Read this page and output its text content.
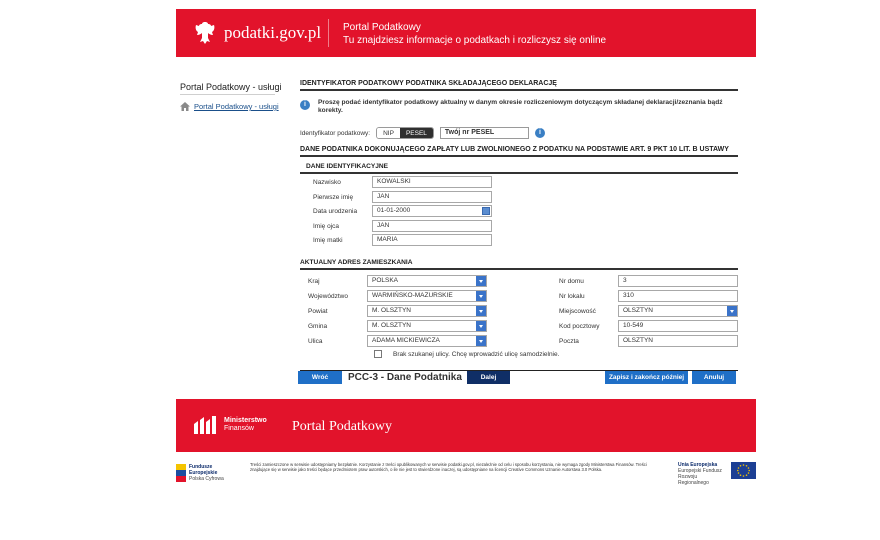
podatki.gov.pl Portal Podatkowy
Tu znajdziesz informacje o podatkach i rozliczysz się online
Portal Podatkowy - usługi
Portal Podatkowy - usługi
IDENTYFIKATOR PODATKOWY PODATNIKA SKŁADAJĄCEGO DEKLARACJĘ
i	Proszę podać identyfikator podatkowy aktualny w danym okresie rozliczeniowym dotyczącym składanej deklaracji/zeznania bądź korekty.
Identyfikator podatkowy:	NIP	PESEL	Twój nr PESEL	i
DANE PODATNIKA DOKONUJĄCEGO ZAPŁATY LUB ZWOLNIONEGO Z PODATKU NA PODSTAWIE ART. 9 PKT 10 LIT. B USTAWY
DANE IDENTYFIKACYJNE
Nazwisko	KOWALSKI
Pierwsze imię	JAN
Data urodzenia	01-01-2000
Imię ojca	JAN
Imię matki	MARIA
AKTUALNY ADRES ZAMIESZKANIA
Kraj	POLSKA
Województwo	WARMIŃSKO-MAZURSKIE
Powiat	M. OLSZTYN
Gmina	M. OLSZTYN
Ulica	ADAMA MICKIEWICZA
Nr domu	3
Nr lokalu	310
Miejscowość	OLSZTYN
Kod pocztowy	10-549
Poczta	OLSZTYN
Brak szukanej ulicy. Chcę wprowadzić ulicę samodzielnie.
Wróć	PCC-3 - Dane Podatnika	Dalej	Zapisz i zakończ później	Anuluj
Ministerstwo
Finansów	Portal Podatkowy
Fundusze
Europejskie
Polska Cyfrowa
Treści zamieszczone w serwisie udostępniamy bezpłatnie. Korzystanie z treści opublikowanych w serwisie podatki.gov.pl, niezależnie od celu i sposobu korzystania, nie wymaga zgody Ministerstwa Finansów. Treści znajdujące się w serwisie jako treści będące przedmiotem praw autorskich, o ile nie jest to stwierdzone inaczej, są udostępniane na licencji Creative Commons Uznanie Autorstwa 3.0 Polska.
Unia Europejska
Europejski Fundusz
Rozwoju Regionalnego
